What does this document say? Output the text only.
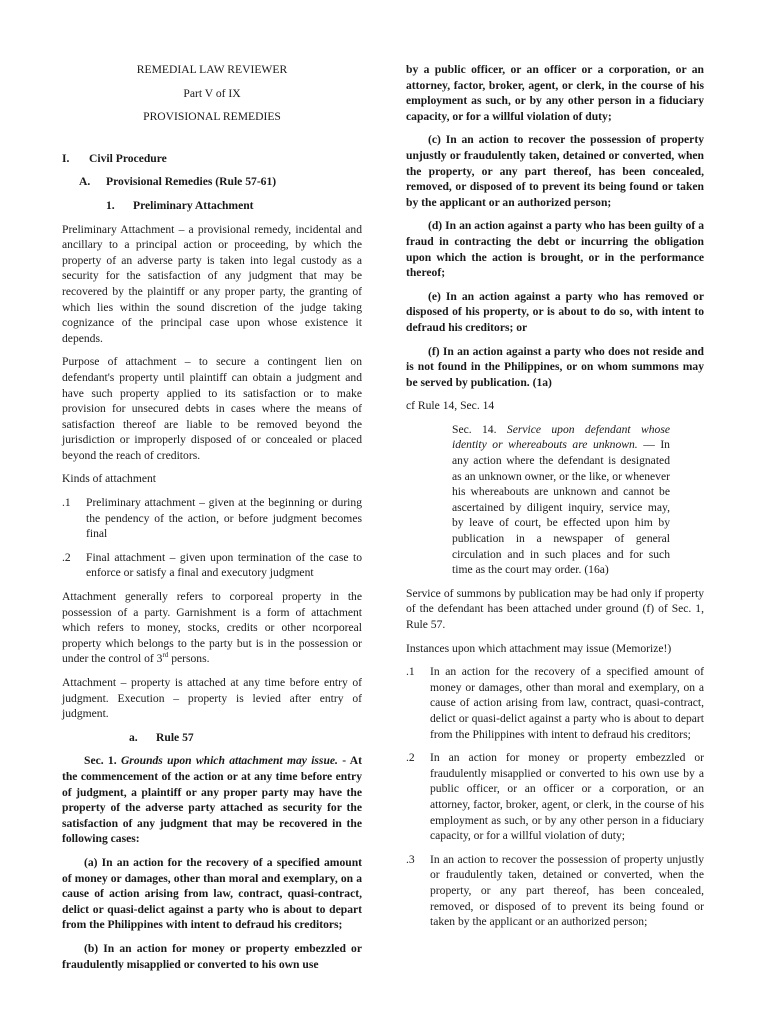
REMEDIAL LAW REVIEWER
Part V of IX
PROVISIONAL REMEDIES
I. Civil Procedure
A. Provisional Remedies (Rule 57-61)
1. Preliminary Attachment

Preliminary Attachment – a provisional remedy, incidental and ancillary to a principal action or proceeding, by which the property of an adverse party is taken into legal custody as a security for the satisfaction of any judgment that may be recovered by the plaintiff or any proper party, the granting of which lies within the sound discretion of the judge taking cognizance of the principal case upon whose existence it depends.

Purpose of attachment – to secure a contingent lien on defendant's property until plaintiff can obtain a judgment and have such property applied to its satisfaction or to make provision for unsecured debts in cases where the means of satisfaction thereof are liable to be removed beyond the jurisdiction or improperly disposed of or concealed or placed beyond the reach of creditors.

Kinds of attachment

.1	Preliminary attachment – given at the beginning or during the pendency of the action, or before judgment becomes final
.2	Final attachment – given upon termination of the case to enforce or satisfy a final and executory judgment

Attachment generally refers to corporeal property in the possession of a party. Garnishment is a form of attachment which refers to money, stocks, credits or other ncorporeal property which belongs to the party but is in the possession or under the control of 3rd persons.

Attachment – property is attached at any time before entry of judgment. Execution – property is levied after entry of judgment.

a. Rule 57

Sec. 1. Grounds upon which attachment may issue. - At the commencement of the action or at any time before entry of judgment, a plaintiff or any proper party may have the property of the adverse party attached as security for the satisfaction of any judgment that may be recovered in the following cases:

(a) In an action for the recovery of a specified amount of money or damages, other than moral and exemplary, on a cause of action arising from law, contract, quasi-contract, delict or quasi-delict against a party who is about to depart from the Philippines with intent to defraud his creditors;

(b) In an action for money or property embezzled or fraudulently misapplied or converted to his own use

by a public officer, or an officer or a corporation, or an attorney, factor, broker, agent, or clerk, in the course of his employment as such, or by any other person in a fiduciary capacity, or for a willful violation of duty;

(c) In an action to recover the possession of property unjustly or fraudulently taken, detained or converted, when the property, or any part thereof, has been concealed, removed, or disposed of to prevent its being found or taken by the applicant or an authorized person;

(d) In an action against a party who has been guilty of a fraud in contracting the debt or incurring the obligation upon which the action is brought, or in the performance thereof;

(e) In an action against a party who has removed or disposed of his property, or is about to do so, with intent to defraud his creditors; or

(f) In an action against a party who does not reside and is not found in the Philippines, or on whom summons may be served by publication. (1a)

cf Rule 14, Sec. 14

Sec. 14. Service upon defendant whose identity or whereabouts are unknown. — In any action where the defendant is designated as an unknown owner, or the like, or whenever his whereabouts are unknown and cannot be ascertained by diligent inquiry, service may, by leave of court, be effected upon him by publication in a newspaper of general circulation and in such places and for such time as the court may order. (16a)

Service of summons by publication may be had only if property of the defendant has been attached under ground (f) of Sec. 1, Rule 57.

Instances upon which attachment may issue (Memorize!)

.1	In an action for the recovery of a specified amount of money or damages, other than moral and exemplary, on a cause of action arising from law, contract, quasi-contract, delict or quasi-delict against a party who is about to depart from the Philippines with intent to defraud his creditors;
.2	In an action for money or property embezzled or fraudulently misapplied or converted to his own use by a public officer, or an officer or a corporation, or an attorney, factor, broker, agent, or clerk, in the course of his employment as such, or by any other person in a fiduciary capacity, or for a willful violation of duty;
.3	In an action to recover the possession of property unjustly or fraudulently taken, detained or converted, when the property, or any part thereof, has been concealed, removed, or disposed of to prevent its being found or taken by the applicant or an authorized person;
